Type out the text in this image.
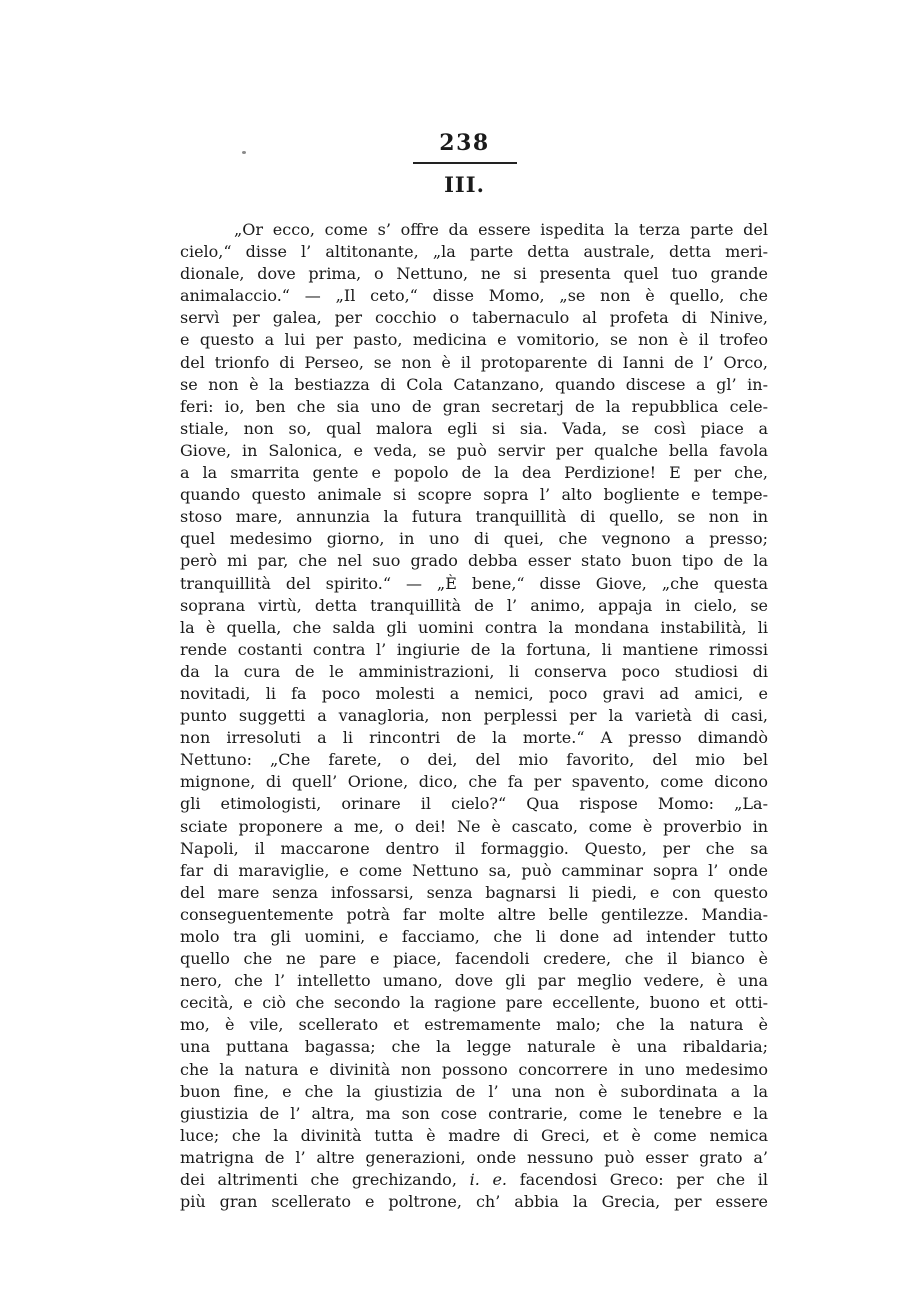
238
III.
„Or ecco, come s’ offre da essere ispedita la terza parte del
cielo,“ disse l’ altitonante, „la parte detta australe, detta meri-
dionale, dove prima, o Nettuno, ne si presenta quel tuo grande
animalaccio.“ — „Il ceto,“ disse Momo, „se non è quello, che
servì per galea, per cocchio o tabernaculo al profeta di Ninive,
e questo a lui per pasto, medicina e vomitorio, se non è il trofeo
del trionfo di Perseo, se non è il protoparente di Ianni de l’ Orco,
se non è la bestiazza di Cola Catanzano, quando discese a gl’ in-
feri: io, ben che sia uno de gran secretarj de la repubblica cele-
stiale, non so, qual malora egli si sia. Vada, se così piace a
Giove, in Salonica, e veda, se può servir per qualche bella favola
a la smarrita gente e popolo de la dea Perdizione! E per che,
quando questo animale si scopre sopra l’ alto bogliente e tempe-
stoso mare, annunzia la futura tranquillità di quello, se non in
quel medesimo giorno, in uno di quei, che vegnono a presso;
però mi par, che nel suo grado debba esser stato buon tipo de la
tranquillità del spirito.“ — „È bene,“ disse Giove, „che questa
soprana virtù, detta tranquillità de l’ animo, appaja in cielo, se
la è quella, che salda gli uomini contra la mondana instabilità, li
rende costanti contra l’ ingiurie de la fortuna, li mantiene rimossi
da la cura de le amministrazioni, li conserva poco studiosi di
novitadi, li fa poco molesti a nemici, poco gravi ad amici, e
punto suggetti a vanagloria, non perplessi per la varietà di casi,
non irresoluti a li rincontri de la morte.“ A presso dimandò
Nettuno: „Che farete, o dei, del mio favorito, del mio bel
mignone, di quell’ Orione, dico, che fa per spavento, come dicono
gli etimologisti, orinare il cielo?“ Qua rispose Momo: „La-
sciate proponere a me, o dei! Ne è cascato, come è proverbio in
Napoli, il maccarone dentro il formaggio. Questo, per che sa
far di maraviglie, e come Nettuno sa, può camminar sopra l’ onde
del mare senza infossarsi, senza bagnarsi li piedi, e con questo
conseguentemente potrà far molte altre belle gentilezze. Mandia-
molo tra gli uomini, e facciamo, che li done ad intender tutto
quello che ne pare e piace, facendoli credere, che il bianco è
nero, che l’ intelletto umano, dove gli par meglio vedere, è una
cecità, e ciò che secondo la ragione pare eccellente, buono et otti-
mo, è vile, scellerato et estremamente malo; che la natura è
una puttana bagassa; che la legge naturale è una ribaldaria;
che la natura e divinità non possono concorrere in uno medesimo
buon fine, e che la giustizia de l’ una non è subordinata a la
giustizia de l’ altra, ma son cose contrarie, come le tenebre e la
luce; che la divinità tutta è madre di Greci, et è come nemica
matrigna de l’ altre generazioni, onde nessuno può esser grato a’
dei altrimenti che grechizando, i. e. facendosi Greco: per che il
più gran scellerato e poltrone, ch’ abbia la Grecia, per essere
